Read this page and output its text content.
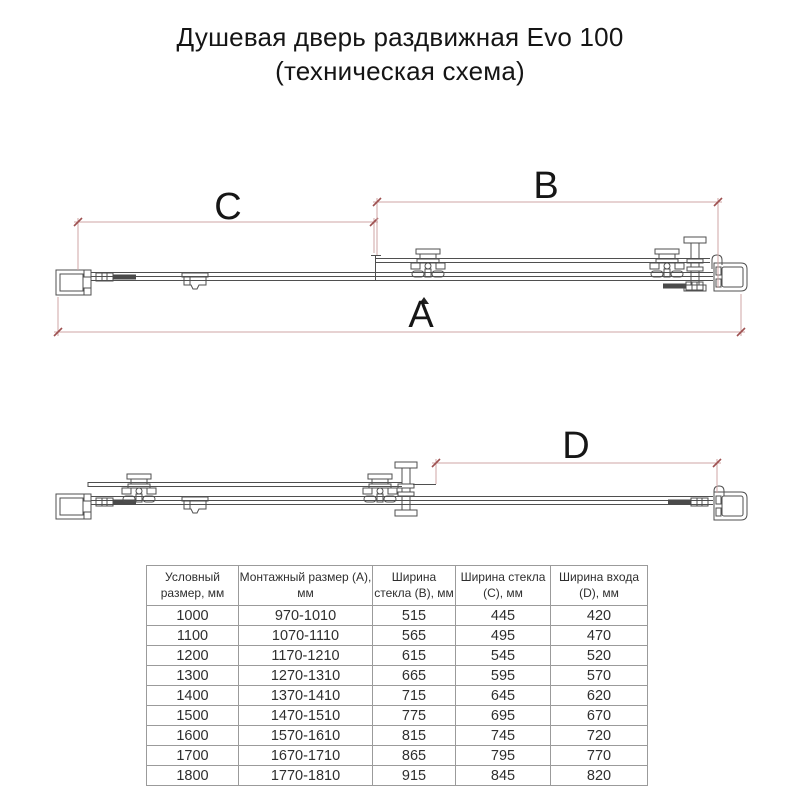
Душевая дверь раздвижная Evo 100
(техническая схема)
C	B
A
D
Условный размер, мм	Монтажный размер (A), мм	Ширина стекла (B), мм	Ширина стекла (C), мм	Ширина входа (D), мм
1000	970-1010	515	445	420
1100	1070-1110	565	495	470
1200	1170-1210	615	545	520
1300	1270-1310	665	595	570
1400	1370-1410	715	645	620
1500	1470-1510	775	695	670
1600	1570-1610	815	745	720
1700	1670-1710	865	795	770
1800	1770-1810	915	845	820
